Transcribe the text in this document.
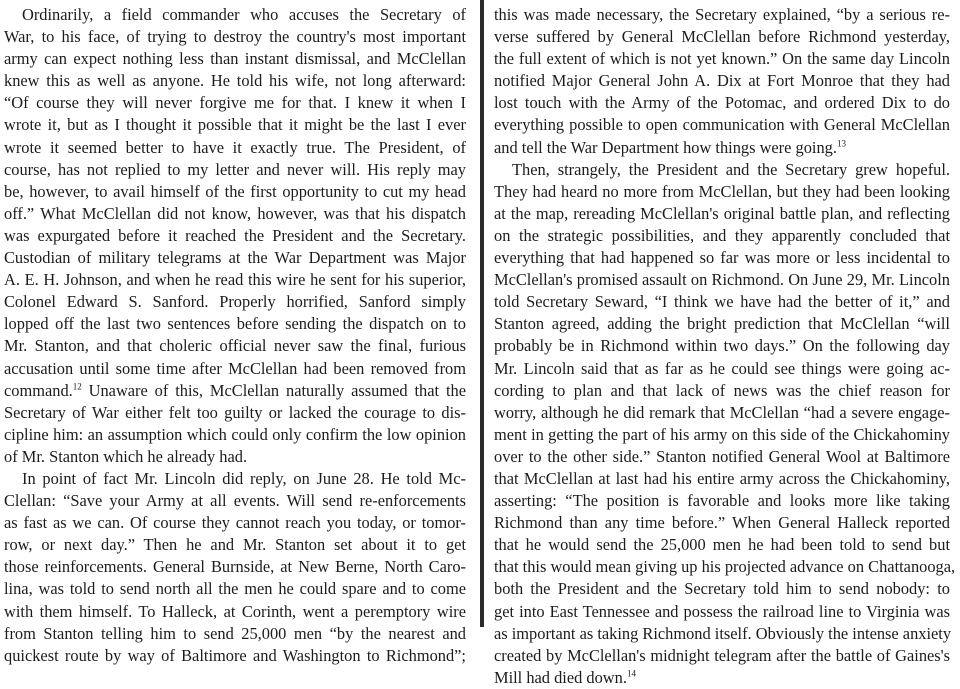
Ordinarily, a field commander who accuses the Secretary of
War, to his face, of trying to destroy the country's most important
army can expect nothing less than instant dismissal, and McClellan
knew this as well as anyone. He told his wife, not long afterward:
“Of course they will never forgive me for that. I knew it when I
wrote it, but as I thought it possible that it might be the last I ever
wrote it seemed better to have it exactly true. The President, of
course, has not replied to my letter and never will. His reply may
be, however, to avail himself of the first opportunity to cut my head
off.” What McClellan did not know, however, was that his dispatch
was expurgated before it reached the President and the Secretary.
Custodian of military telegrams at the War Department was Major
A. E. H. Johnson, and when he read this wire he sent for his superior,
Colonel Edward S. Sanford. Properly horrified, Sanford simply
lopped off the last two sentences before sending the dispatch on to
Mr. Stanton, and that choleric official never saw the final, furious
accusation until some time after McClellan had been removed from
command.$^{12}$ Unaware of this, McClellan naturally assumed that the
Secretary of War either felt too guilty or lacked the courage to dis-
cipline him: an assumption which could only confirm the low opinion
of Mr. Stanton which he already had.
In point of fact Mr. Lincoln did reply, on June 28. He told Mc-
Clellan: “Save your Army at all events. Will send re-enforcements
as fast as we can. Of course they cannot reach you today, or tomor-
row, or next day.” Then he and Mr. Stanton set about it to get
those reinforcements. General Burnside, at New Berne, North Caro-
lina, was told to send north all the men he could spare and to come
with them himself. To Halleck, at Corinth, went a peremptory wire
from Stanton telling him to send 25,000 men “by the nearest and
quickest route by way of Baltimore and Washington to Richmond”;
this was made necessary, the Secretary explained, “by a serious re-
verse suffered by General McClellan before Richmond yesterday,
the full extent of which is not yet known.” On the same day Lincoln
notified Major General John A. Dix at Fort Monroe that they had
lost touch with the Army of the Potomac, and ordered Dix to do
everything possible to open communication with General McClellan
and tell the War Department how things were going.$^{13}$
Then, strangely, the President and the Secretary grew hopeful.
They had heard no more from McClellan, but they had been looking
at the map, rereading McClellan's original battle plan, and reflecting
on the strategic possibilities, and they apparently concluded that
everything that had happened so far was more or less incidental to
McClellan's promised assault on Richmond. On June 29, Mr. Lincoln
told Secretary Seward, “I think we have had the better of it,” and
Stanton agreed, adding the bright prediction that McClellan “will
probably be in Richmond within two days.” On the following day
Mr. Lincoln said that as far as he could see things were going ac-
cording to plan and that lack of news was the chief reason for
worry, although he did remark that McClellan “had a severe engage-
ment in getting the part of his army on this side of the Chickahominy
over to the other side.” Stanton notified General Wool at Baltimore
that McClellan at last had his entire army across the Chickahominy,
asserting: “The position is favorable and looks more like taking
Richmond than any time before.” When General Halleck reported
that he would send the 25,000 men he had been told to send but
that this would mean giving up his projected advance on Chattanooga,
both the President and the Secretary told him to send nobody: to
get into East Tennessee and possess the railroad line to Virginia was
as important as taking Richmond itself. Obviously the intense anxiety
created by McClellan's midnight telegram after the battle of Gaines's
Mill had died down.$^{14}$
